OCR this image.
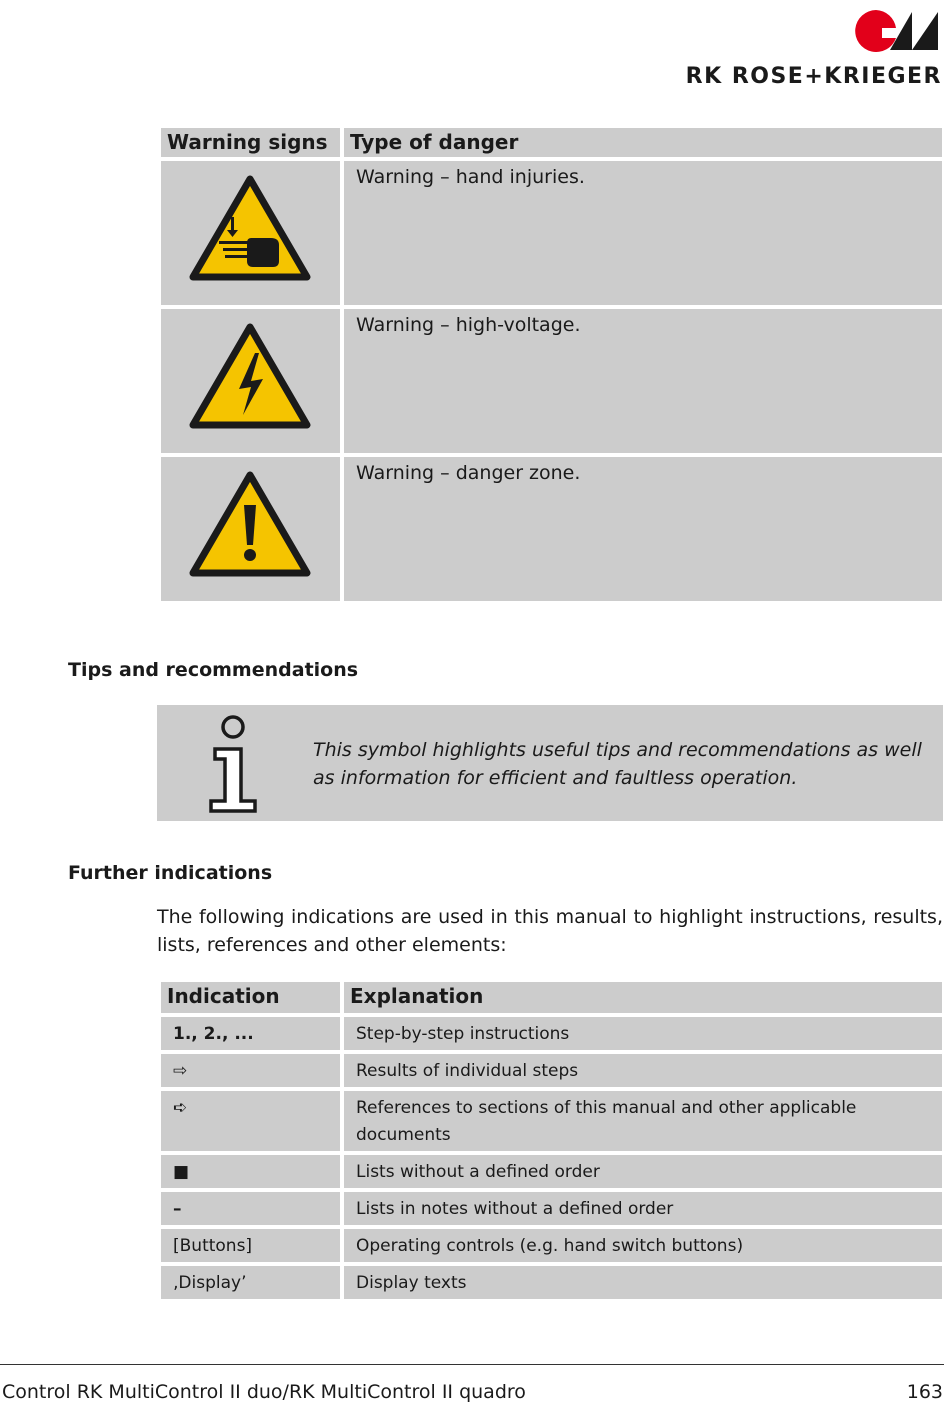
RK ROSE+KRIEGER
Warning signs	Type of danger

	Warning – hand injuries.

	Warning – high-voltage.

	Warning – danger zone.
Tips and recommendations
This symbol highlights useful tips and recommendations as well as information for efficient and faultless operation.
Further indications

The following indications are used in this manual to highlight instructions, results, lists, references and other elements:

Indication	Explanation
1., 2., ...	Step-by-step instructions
⇨	Results of individual steps
➪	References to sections of this manual and other applicable documents
■	Lists without a defined order
–	Lists in notes without a defined order
[Buttons]	Operating controls (e.g. hand switch buttons)
‚Display’	Display texts
Control RK MultiControl II duo/RK MultiControl II quadro	163
